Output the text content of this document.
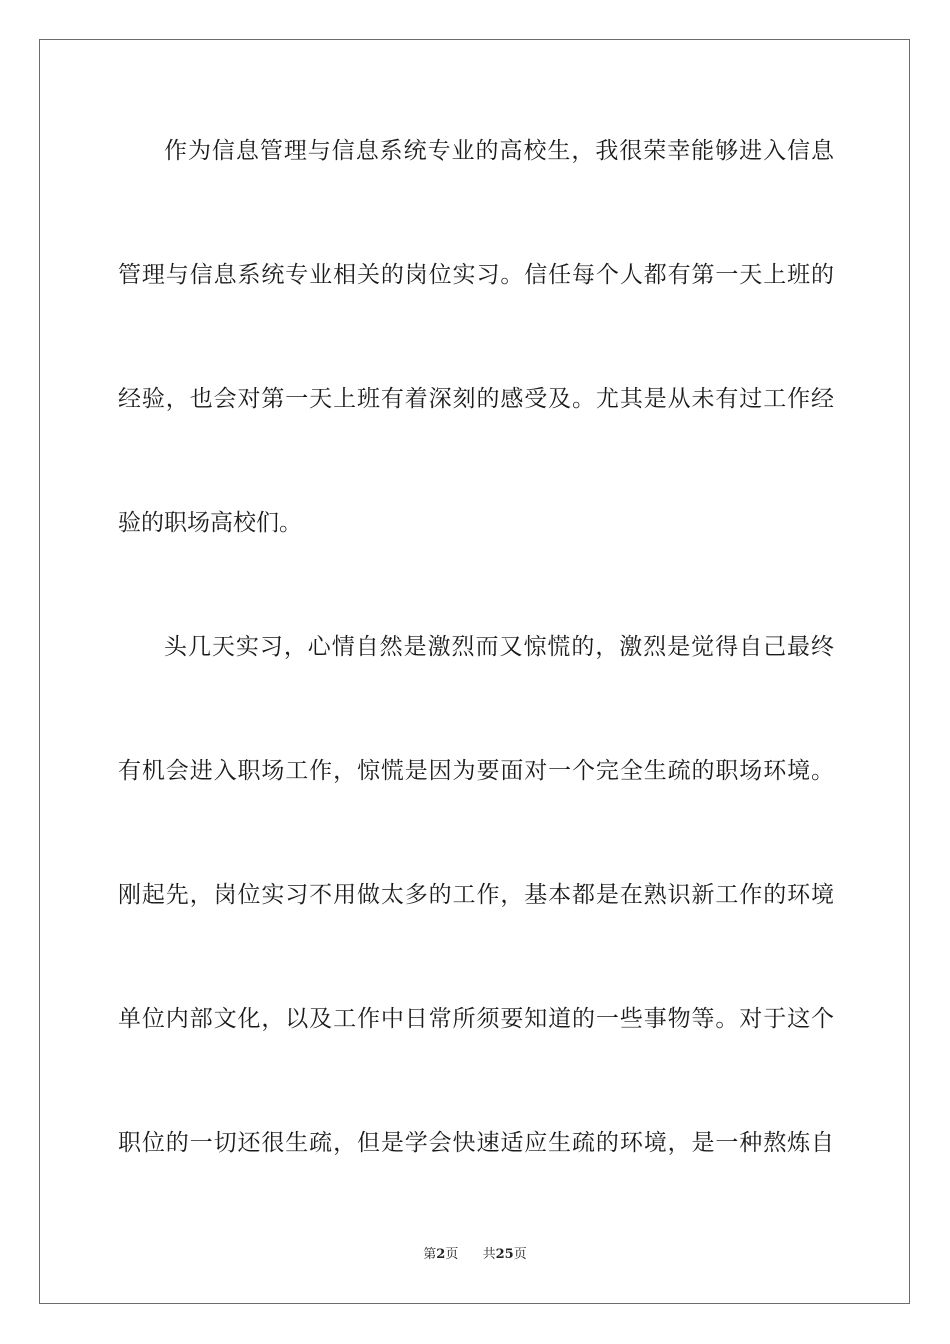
作为信息管理与信息系统专业的高校生，我很荣幸能够进入信息
管理与信息系统专业相关的岗位实习。信任每个人都有第一天上班的
经验，也会对第一天上班有着深刻的感受及。尤其是从未有过工作经
验的职场高校们。
头几天实习，心情自然是激烈而又惊慌的，激烈是觉得自己最终
有机会进入职场工作，惊慌是因为要面对一个完全生疏的职场环境。
刚起先，岗位实习不用做太多的工作，基本都是在熟识新工作的环境
单位内部文化，以及工作中日常所须要知道的一些事物等。对于这个
职位的一切还很生疏，但是学会快速适应生疏的环境，是一种熬炼自
第2页 共25页
